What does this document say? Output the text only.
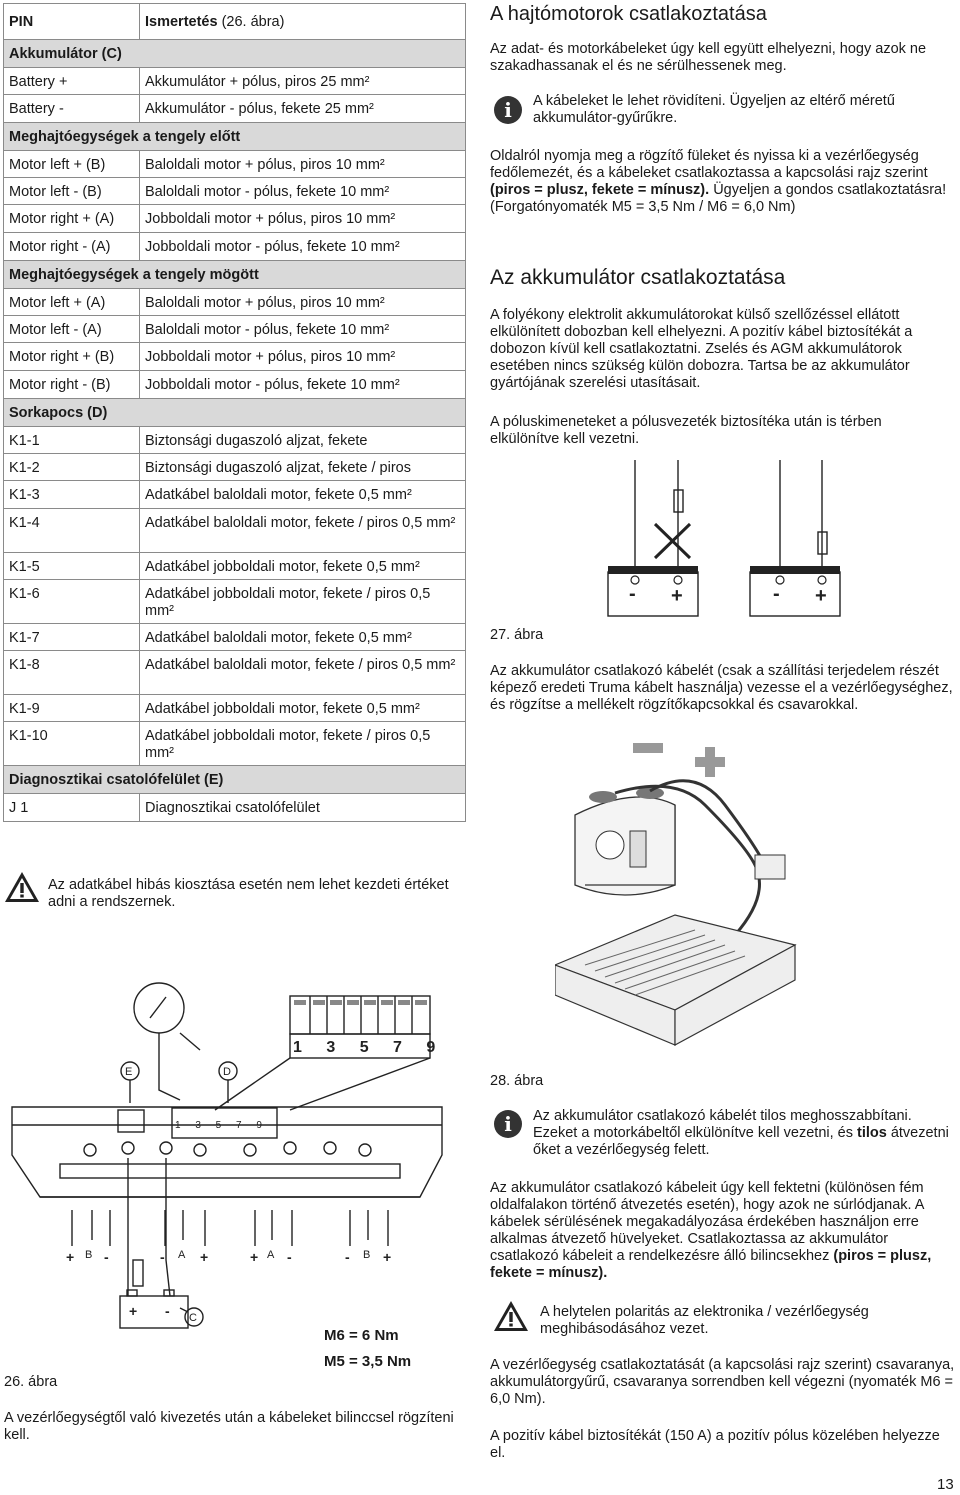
PIN	Ismertetés (26. ábra)
Akkumulátor (C)	
Battery +	Akkumulátor + pólus, piros 25 mm²
Battery -	Akkumulátor - pólus, fekete 25 mm²
Meghajtóegységek a tengely előtt	
Motor left + (B)	Baloldali motor + pólus, piros 10 mm²
Motor left - (B)	Baloldali motor - pólus, fekete 10 mm²
Motor right + (A)	Jobboldali motor + pólus, piros 10 mm²
Motor right - (A)	Jobboldali motor - pólus, fekete 10 mm²
Meghajtóegységek a tengely mögött	
Motor left + (A)	Baloldali motor + pólus, piros 10 mm²
Motor left - (A)	Baloldali motor - pólus, fekete 10 mm²
Motor right + (B)	Jobboldali motor + pólus, piros 10 mm²
Motor right - (B)	Jobboldali motor - pólus, fekete 10 mm²
Sorkapocs (D)	
K1-1	Biztonsági dugaszoló aljzat, fekete
K1-2	Biztonsági dugaszoló aljzat, fekete / piros
K1-3	Adatkábel baloldali motor, fekete 0,5 mm²
K1-4	Adatkábel baloldali motor, fekete / piros 0,5 mm²
K1-5	Adatkábel jobboldali motor, fekete 0,5 mm²
K1-6	Adatkábel jobboldali motor, fekete / piros 0,5 mm²
K1-7	Adatkábel baloldali motor, fekete 0,5 mm²
K1-8	Adatkábel baloldali motor, fekete / piros 0,5 mm²
K1-9	Adatkábel jobboldali motor, fekete 0,5 mm²
K1-10	Adatkábel jobboldali motor, fekete / piros 0,5 mm²
Diagnosztikai csatolófelület (E)	
J 1	Diagnosztikai csatolófelület
Az adatkábel hibás kiosztása esetén nem lehet kezdeti értéket adni a rendszernek.
1 3 5 7 9
1 3 5 7 9
E	D
C
+ B -	- A +	+ A -	- B +
+ -
M6 = 6 Nm
M5 = 3,5 Nm
26. ábra
A vezérlőegységtől való kivezetés után a kábeleket bilinccsel rögzíteni kell.
A hajtómotorok csatlakoztatása
Az adat- és motorkábeleket úgy kell együtt elhelyezni, hogy azok ne szakadhassanak el és ne sérülhessenek meg.
i	A kábeleket le lehet rövidíteni. Ügyeljen az eltérő méretű akkumulátor-gyűrűkre.
Oldalról nyomja meg a rögzítő füleket és nyissa ki a vezérlőegység fedőlemezét, és a kábeleket csatlakoztassa a kapcsolási rajz szerint (piros = plusz, fekete = mínusz). Ügyeljen a gondos csatlakoztatásra! (Forgatónyomaték M5 = 3,5 Nm / M6 = 6,0 Nm)
Az akkumulátor csatlakoztatása
A folyékony elektrolit akkumulátorokat külső szellőzéssel ellátott elkülönített dobozban kell elhelyezni. A pozitív kábel biztosítékát a dobozon kívül kell csatlakoztatni. Zselés és AGM akkumulátorok esetében nincs szükség külön dobozra. Tartsa be az akkumulátor gyártójának szerelési utasításait.
A póluskimeneteket a pólusvezeték biztosítéka után is térben elkülönítve kell vezetni.
- +	- +
27. ábra
Az akkumulátor csatlakozó kábelét (csak a szállítási terjedelem részét képező eredeti Truma kábelt használja) vezesse el a vezérlőegységhez, és rögzítse a mellékelt rögzítőkapcsokkal és csavarokkal.
28. ábra
i	Az akkumulátor csatlakozó kábelét tilos meghosszabbítani. Ezeket a motorkábeltől elkülönítve kell vezetni, és tilos átvezetni őket a vezérlőegység felett.
Az akkumulátor csatlakozó kábeleit úgy kell fektetni (különösen fém oldalfalakon történő átvezetés esetén), hogy azok ne súrlódjanak. A kábelek sérülésének megakadályozása érdekében használjon erre alkalmas átvezető hüvelyeket. Csatlakoztassa az akkumulátor csatlakozó kábeleit a rendelkezésre álló bilincsekhez (piros = plusz, fekete = mínusz).
A helytelen polaritás az elektronika / vezérlőegység meghibásodásához vezet.
A vezérlőegység csatlakoztatását (a kapcsolási rajz szerint) csavaranya, akkumulátorgyűrű, csavaranya sorrendben kell végezni (nyomaték M6 = 6,0 Nm).
A pozitív kábel biztosítékát (150 A) a pozitív pólus közelében helyezze el.
13
